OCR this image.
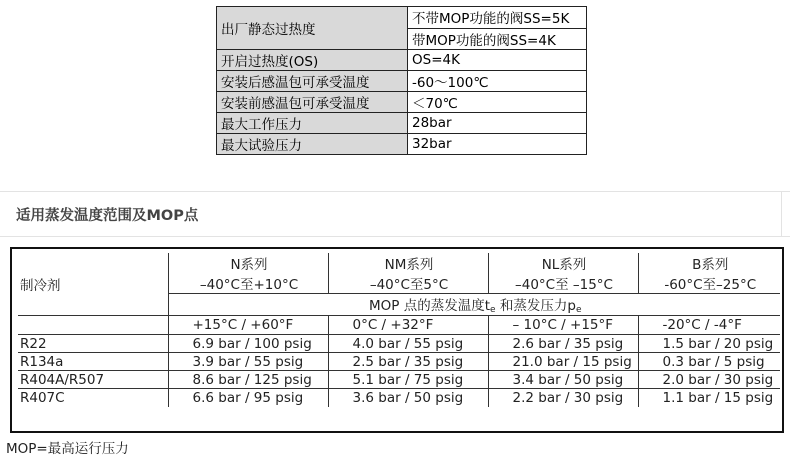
出厂静态过热度	不带MOP功能的阀SS=5K
	带MOP功能的阀SS=4K
开启过热度(OS)	OS=4K
安装后感温包可承受温度	-60～100℃
安装前感温包可承受温度	＜70℃
最大工作压力	28bar
最大试验压力	32bar
适用蒸发温度范围及MOP点
制冷剂	N系列	NM系列	NL系列	B系列
	–40°C至+10°C	–40°C至5°C	–40°C至 –15°C	-60°C至–25°C
	MOP 点的蒸发温度$t_e$ 和蒸发压力$p_e$
	+15°C / +60°F	0°C / +32°F	– 10°C / +15°F	-20°C / -4°F
R22	6.9 bar / 100 psig	4.0 bar / 55 psig	2.6 bar / 35 psig	1.5 bar / 20 psig
R134a	3.9 bar / 55 psig	2.5 bar / 35 psig	21.0 bar / 15 psig	0.3 bar / 5 psig
R404A/R507	8.6 bar / 125 psig	5.1 bar / 75 psig	3.4 bar / 50 psig	2.0 bar / 30 psig
R407C	6.6 bar / 95 psig	3.6 bar / 50 psig	2.2 bar / 30 psig	1.1 bar / 15 psig
MOP=最高运行压力
